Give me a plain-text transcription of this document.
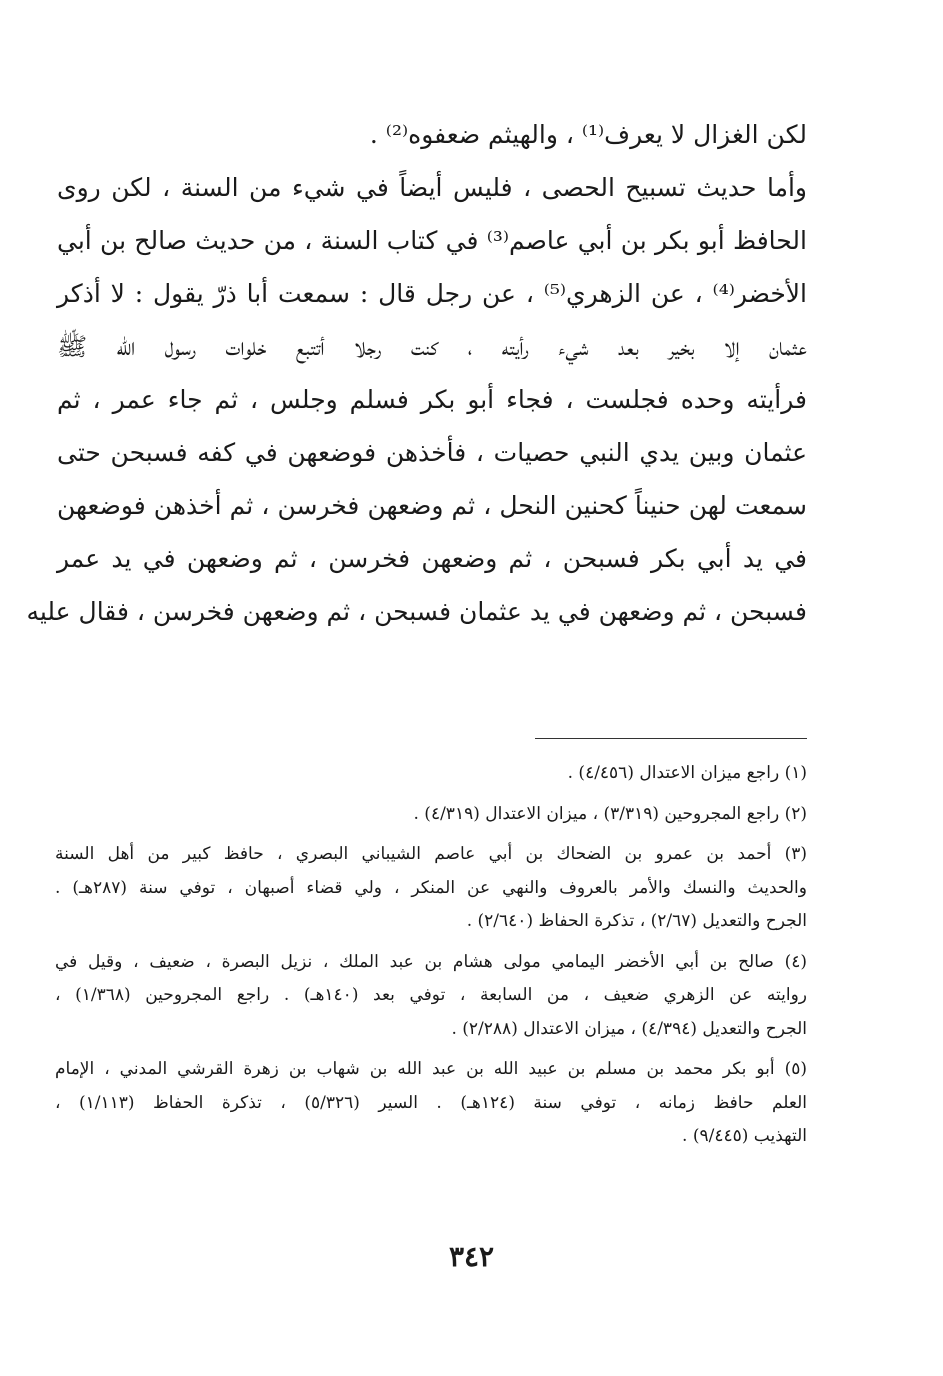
لكن الغزال لا يعرف⁽¹⁾ ، والهيثم ضعفوه⁽²⁾ .
وأما حديث تسبيح الحصى ، فليس أيضاً في شيء من السنة ، لكن روى
الحافظ أبو بكر بن أبي عاصم⁽³⁾ في كتاب السنة ، من حديث صالح بن أبي
الأخضر⁽⁴⁾ ، عن الزهري⁽⁵⁾ ، عن رجل قال : سمعت أبا ذرّ يقول : لا أذكر
عثمان إلا بخير بعد شيء رأيته ، كنت رجلا أتتبع خلوات رسول الله ﷺ
فرأيته وحده فجلست ، فجاء أبو بكر فسلم وجلس ، ثم جاء عمر ، ثم
عثمان وبين يدي النبي حصيات ، فأخذهن فوضعهن في كفه فسبحن حتى
سمعت لهن حنيناً كحنين النحل ، ثم وضعهن فخرسن ، ثم أخذهن فوضعهن
في يد أبي بكر فسبحن ، ثم وضعهن فخرسن ، ثم وضعهن في يد عمر
فسبحن ، ثم وضعهن في يد عثمان فسبحن ، ثم وضعهن فخرسن ، فقال عليه
(١) راجع ميزان الاعتدال (٤/٤٥٦) .
(٢) راجع المجروحين (٣/٣١٩) ، ميزان الاعتدال (٤/٣١٩) .
(٣) أحمد بن عمرو بن الضحاك بن أبي عاصم الشيباني البصري ، حافظ كبير من أهل السنة
والحديث والنسك والأمر بالعروف والنهي عن المنكر ، ولي قضاء أصبهان ، توفي سنة (٢٨٧هـ) .
الجرح والتعديل (٢/٦٧) ، تذكرة الحفاظ (٢/٦٤٠) .
(٤) صالح بن أبي الأخضر اليمامي مولى هشام بن عبد الملك ، نزيل البصرة ، ضعيف ، وقيل في
روايته عن الزهري ضعيف ، من السابعة ، توفي بعد (١٤٠هـ) . راجع المجروحين (١/٣٦٨) ،
الجرح والتعديل (٤/٣٩٤) ، ميزان الاعتدال (٢/٢٨٨) .
(٥) أبو بكر محمد بن مسلم بن عبيد الله بن عبد الله بن شهاب بن زهرة القرشي المدني ، الإمام
العلم حافظ زمانه ، توفي سنة (١٢٤هـ) . السير (٥/٣٢٦) ، تذكرة الحفاظ (١/١١٣) ،
التهذيب (٩/٤٤٥) .
٣٤٢
